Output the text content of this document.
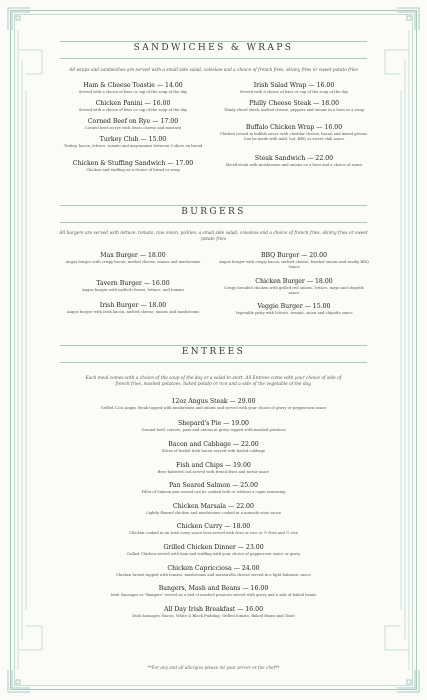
SANDWICHES & WRAPS
All wraps and sandwiches are served with a small side salad, coleslaw and a choice of french fries, skinny fries or sweet potato fries
Ham & Cheese Toastie — 14.00
Served with a choice of fries or cup of the soup of the day
Chicken Panini — 16.00
Served with a choice of fries or cup of the soup of the day
Corned Beef on Rye — 17.00
Corned beef on rye with Swiss cheese and mustard
Turkey Club — 15.00
Turkey, bacon, lettuce, tomato and mayonnaise between 3 slices on bread
Chicken & Stuffing Sandwich — 17.00
Chicken and stuffing on a choice of bread or wrap
Irish Salad Wrap — 16.00
Served with a choice of fries or cup of the soup of the day
Philly Cheese Steak — 18.00
Thinly sliced steak, melted cheese, peppers and onions in a hero or a wrap
Buffalo Chicken Wrap — 16.00
Chicken tossed in buffalo sauce with cheddar cheese, bacon and mixed greens. Can be made with mild, hot, BBQ or sweet chili sauce
Steak Sandwich — 22.00
Sliced steak with mushrooms and onions on a hero and a choice of sauce
BURGERS
All burgers are served with lettuce, tomato, raw onion, pickles, a small side salad, coleslaw and a choice of french fries, skinny fries or sweet potato fries
Max Burger — 18.00
Angus burger with crispy bacon, melted cheese, onions and mushrooms
Tavern Burger — 16.00
Angus burger with melted cheese, lettuce, and tomato
Irish Burger — 18.00
Angus burger with Irish bacon, melted cheese, onions and mushrooms
BBQ Burger — 20.00
Angus burger with crispy bacon, melted cheese, frizzled onions and smoky BBQ Sauce
Chicken Burger — 18.00
Crispy breaded chicken with grilled red onions, lettuce, mayo and chipotle sauce
Veggie Burger — 15.00
Vegetable patty with lettuce, tomato, onion and chipotle sauce
ENTREES
Each meal comes with a choice of the soup of the day or a salad to start. All Entrees come with your choice of side of french fries, mashed potatoes, baked potato or rice and a side of the vegetable of the day.
12oz Angus Steak — 29.00
Grilled 12oz Angus Steak topped with mushrooms and onions and served with your choice of gravy or peppercorn sauce
Shepard's Pie — 19.00
Ground beef, carrots, peas and onions in gravy topped with mashed potatoes
Bacon and Cabbage — 22.00
Slices of boiled Irish bacon served with boiled cabbage
Fish and Chips — 19.00
Beer battered cod served with french fries and tartar sauce
Pan Seared Salmon — 25.00
Fillet of Salmon pan seared can be cooked with or without a cajun seasoning
Chicken Marsala — 22.00
Lightly floured chicken and mushrooms cooked in a marsala wine sauce
Chicken Curry — 18.00
Chicken cooked in an Irish curry sauce best served with fries or rice or ½ fries and ½ rice
Grilled Chicken Dinner — 23.00
Grilled Chicken served with ham and stuffing with your choice of peppercorn sauce or gravy
Chicken Capricciosa — 24.00
Chicken breast topped with tomato, mushrooms and mozzarella cheese served in a light balsamic sauce
Bangers, Mash and Beans — 16.00
Irish Sausages or "Bangers" served on a bed of mashed potatoes served with gravy and a side of baked beans
All Day Irish Breakfast — 16.00
Irish Sausages, Bacon, White & Black Pudding, Grilled tomato, Baked Beans and Toast
**For any and all allergies please let your server or the chef**
